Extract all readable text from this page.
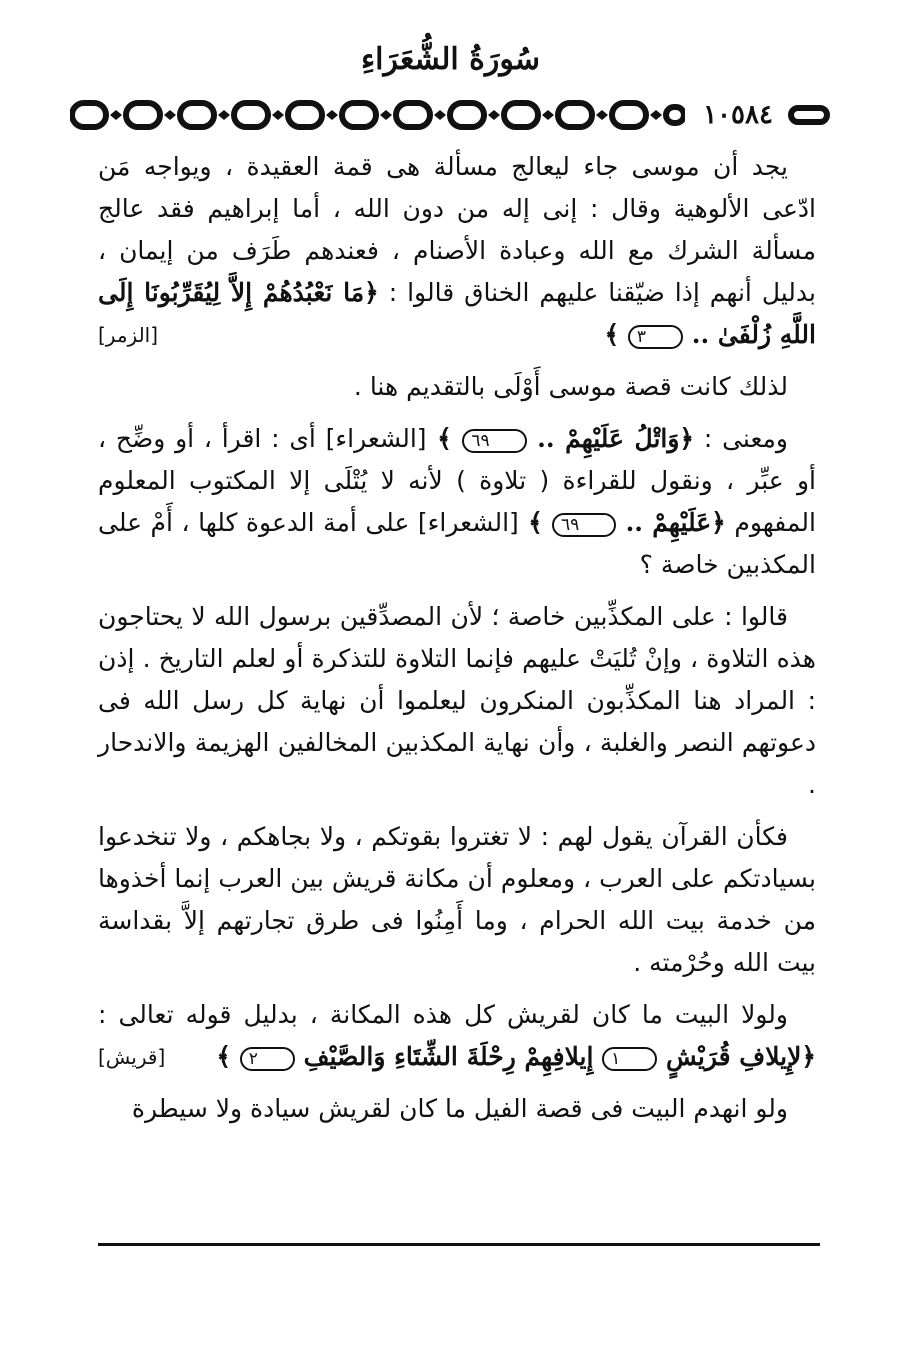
سُورَةُ الشُّعَرَاءِ
١٠٥٨٤

يجد أن موسى جاء ليعالج مسألة هى قمة العقيدة ، ويواجه مَن ادّعى الألوهية وقال : إنى إله من دون الله ، أما إبراهيم فقد عالج مسألة الشرك مع الله وعبادة الأصنام ، فعندهم طَرَف من إيمان ، بدليل أنهم إذا ضيّقنا عليهم الخناق قالوا : ﴿مَا نَعْبُدُهُمْ إِلاَّ لِيُقَرِّبُونَا إِلَى اللَّهِ زُلْفَىٰ .. ٣ ﴾
[الزمر]

لذلك كانت قصة موسى أَوْلَى بالتقديم هنا .

ومعنى : ﴿وَاتْلُ عَلَيْهِمْ .. ٦٩ ﴾ [الشعراء] أى : اقرأ ، أو وضِّح ، أو عبِّر ، ونقول للقراءة ( تلاوة ) لأنه لا يُتْلَى إلا المكتوب المعلوم المفهوم ﴿عَلَيْهِمْ .. ٦٩ ﴾ [الشعراء] على أمة الدعوة كلها ، أَمْ على المكذبين خاصة ؟

قالوا : على المكذِّبين خاصة ؛ لأن المصدِّقين برسول الله لا يحتاجون هذه التلاوة ، وإنْ تُليَتْ عليهم فإنما التلاوة للتذكرة أو لعلم التاريخ . إذن : المراد هنا المكذِّبون المنكرون ليعلموا أن نهاية كل رسل الله فى دعوتهم النصر والغلبة ، وأن نهاية المكذبين المخالفين الهزيمة والاندحار .

فكأن القرآن يقول لهم : لا تغتروا بقوتكم ، ولا بجاهكم ، ولا تنخدعوا بسيادتكم على العرب ، ومعلوم أن مكانة قريش بين العرب إنما أخذوها من خدمة بيت الله الحرام ، وما أَمِنُوا فى طرق تجارتهم إلاَّ بقداسة بيت الله وحُرْمته .

ولولا البيت ما كان لقريش كل هذه المكانة ، بدليل قوله تعالى : ﴿لإِيلافِ قُرَيْشٍ ١ إِيلافِهِمْ رِحْلَةَ الشِّتَاءِ وَالصَّيْفِ ٢ ﴾
[قريش]

ولو انهدم البيت فى قصة الفيل ما كان لقريش سيادة ولا سيطرة
